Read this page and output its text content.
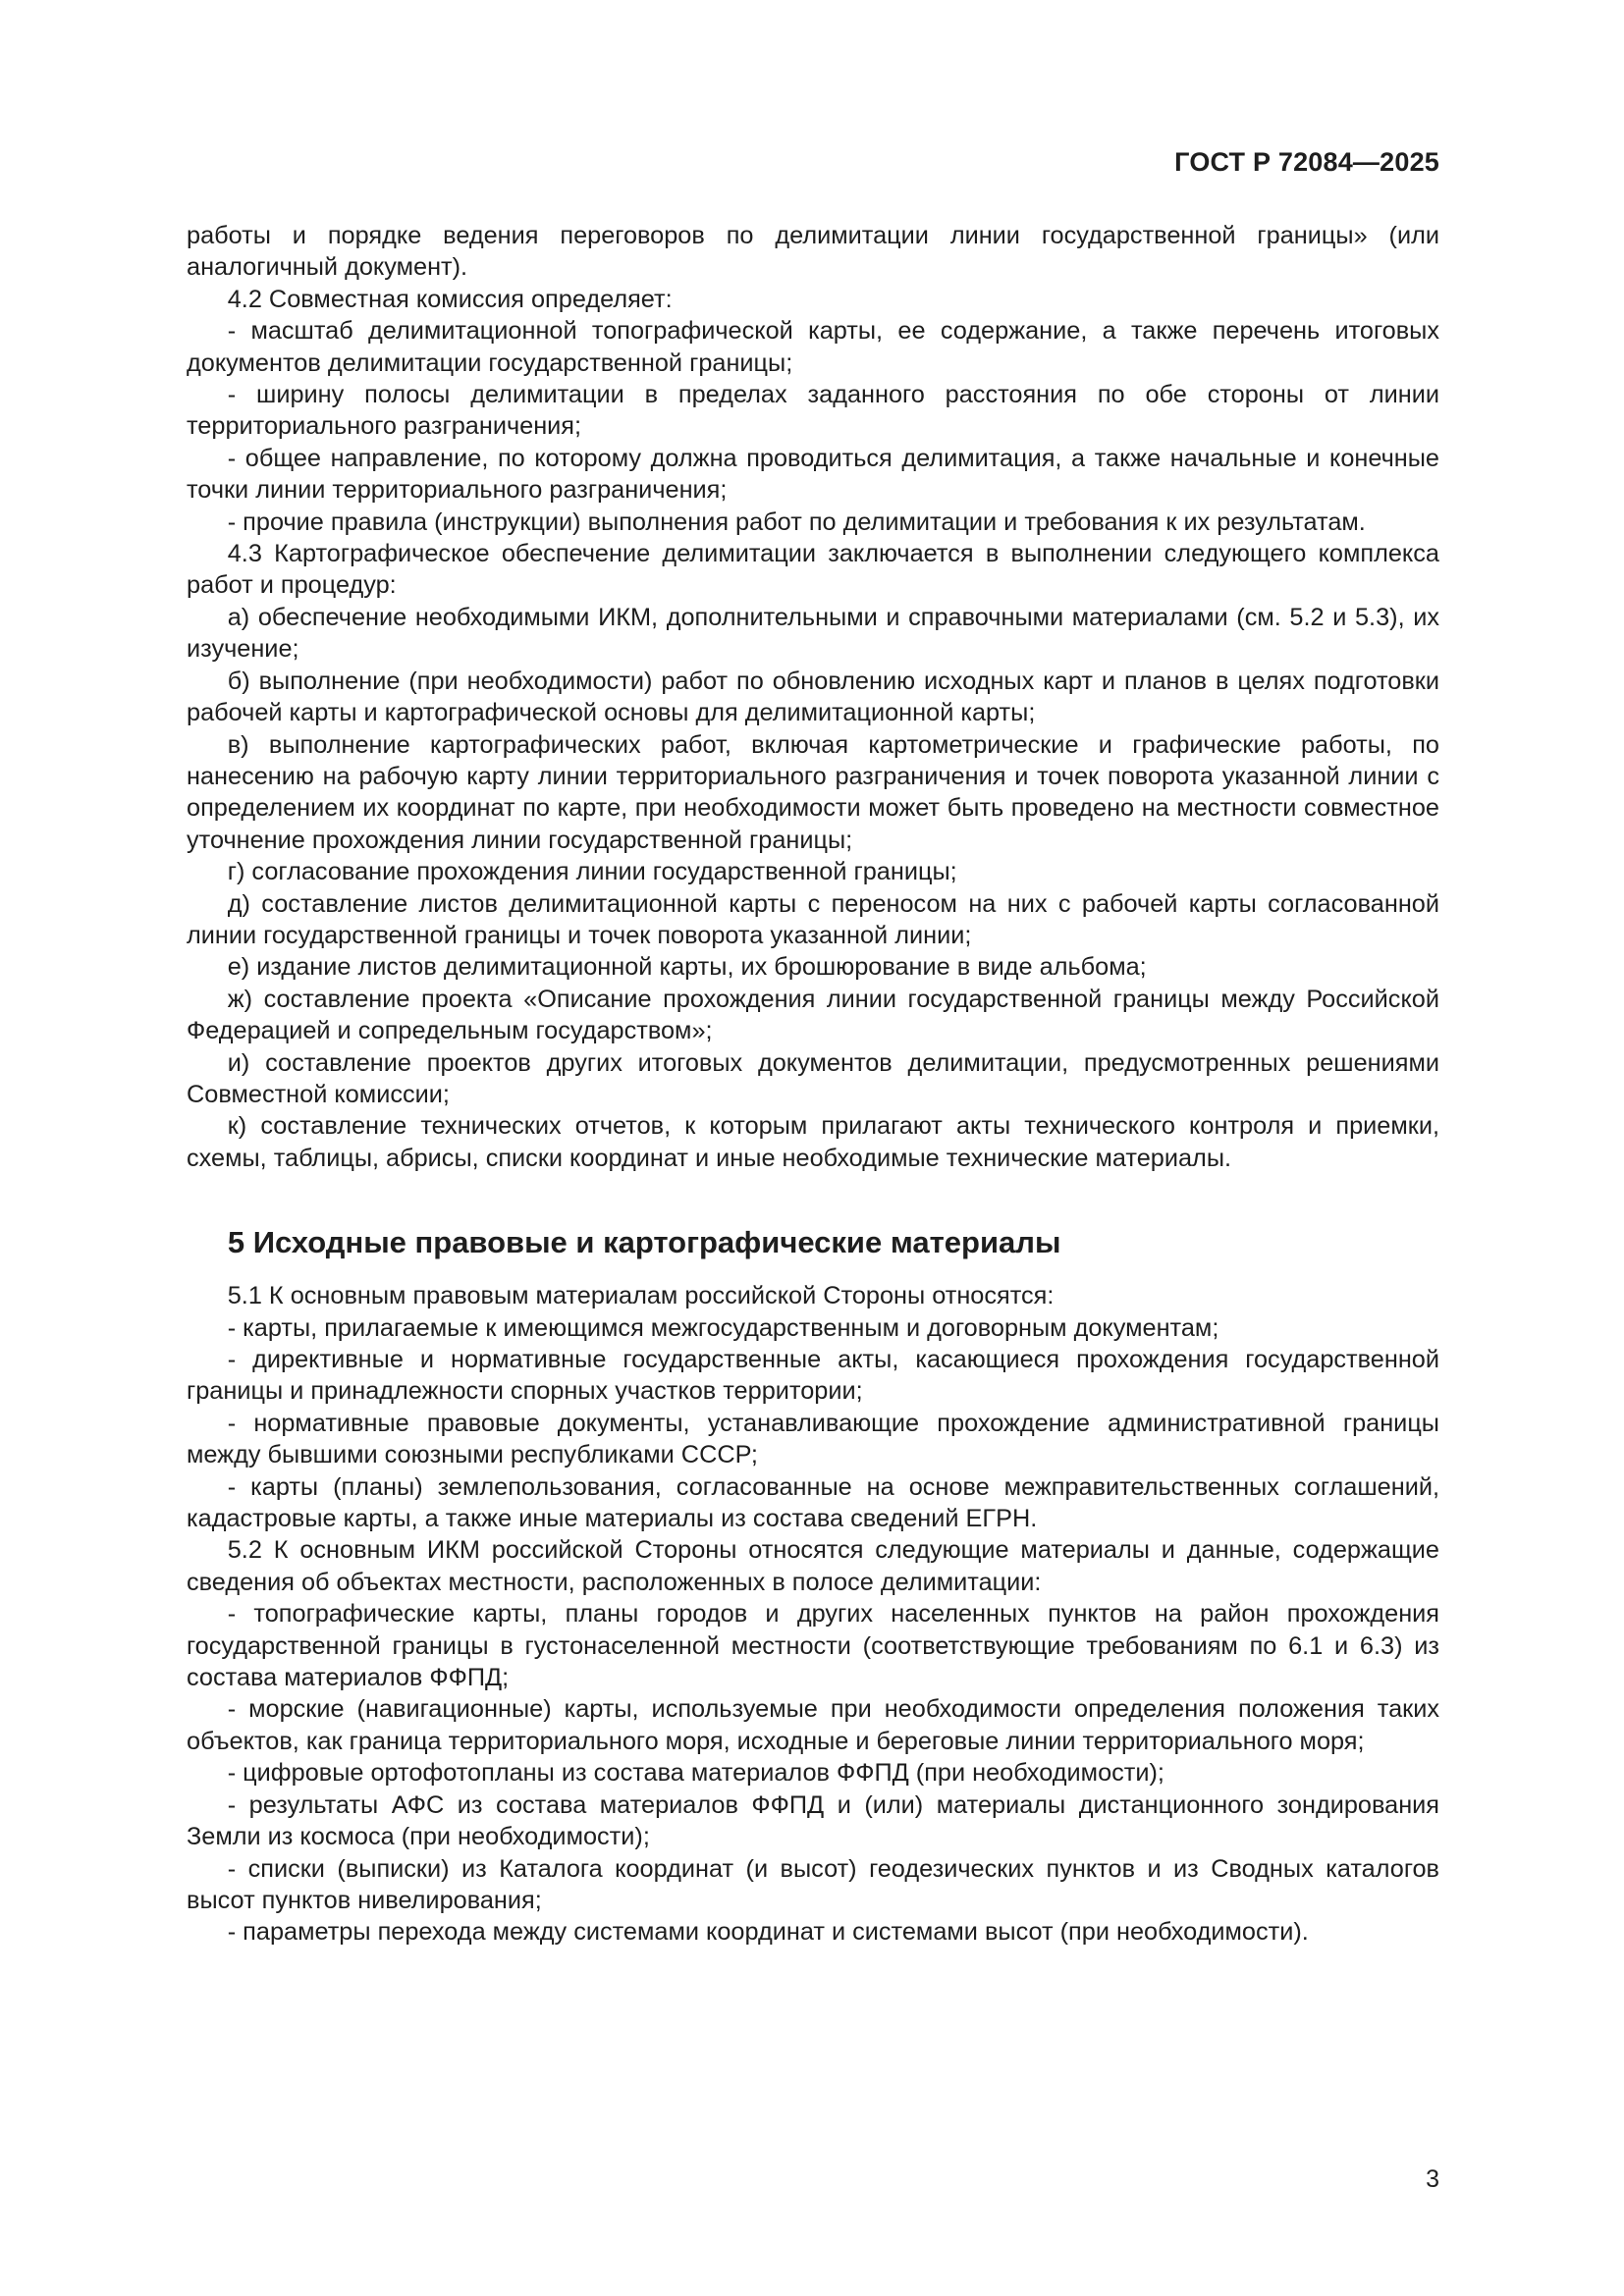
ГОСТ Р 72084—2025

работы и порядке ведения переговоров по делимитации линии государственной границы» (или аналогичный документ).

4.2 Совместная комиссия определяет:

- масштаб делимитационной топографической карты, ее содержание, а также перечень итоговых документов делимитации государственной границы;

- ширину полосы делимитации в пределах заданного расстояния по обе стороны от линии территориального разграничения;

- общее направление, по которому должна проводиться делимитация, а также начальные и конечные точки линии территориального разграничения;

- прочие правила (инструкции) выполнения работ по делимитации и требования к их результатам.

4.3 Картографическое обеспечение делимитации заключается в выполнении следующего комплекса работ и процедур:

а) обеспечение необходимыми ИКМ, дополнительными и справочными материалами (см. 5.2 и 5.3), их изучение;

б) выполнение (при необходимости) работ по обновлению исходных карт и планов в целях подготовки рабочей карты и картографической основы для делимитационной карты;

в) выполнение картографических работ, включая картометрические и графические работы, по нанесению на рабочую карту линии территориального разграничения и точек поворота указанной линии с определением их координат по карте, при необходимости может быть проведено на местности совместное уточнение прохождения линии государственной границы;

г) согласование прохождения линии государственной границы;

д) составление листов делимитационной карты с переносом на них с рабочей карты согласованной линии государственной границы и точек поворота указанной линии;

е) издание листов делимитационной карты, их брошюрование в виде альбома;

ж) составление проекта «Описание прохождения линии государственной границы между Российской Федерацией и сопредельным государством»;

и) составление проектов других итоговых документов делимитации, предусмотренных решениями Совместной комиссии;

к) составление технических отчетов, к которым прилагают акты технического контроля и приемки, схемы, таблицы, абрисы, списки координат и иные необходимые технические материалы.

5 Исходные правовые и картографические материалы

5.1 К основным правовым материалам российской Стороны относятся:

- карты, прилагаемые к имеющимся межгосударственным и договорным документам;

- директивные и нормативные государственные акты, касающиеся прохождения государственной границы и принадлежности спорных участков территории;

- нормативные правовые документы, устанавливающие прохождение административной границы между бывшими союзными республиками СССР;

- карты (планы) землепользования, согласованные на основе межправительственных соглашений, кадастровые карты, а также иные материалы из состава сведений ЕГРН.

5.2 К основным ИКМ российской Стороны относятся следующие материалы и данные, содержащие сведения об объектах местности, расположенных в полосе делимитации:

- топографические карты, планы городов и других населенных пунктов на район прохождения государственной границы в густонаселенной местности (соответствующие требованиям по 6.1 и 6.3) из состава материалов ФФПД;

- морские (навигационные) карты, используемые при необходимости определения положения таких объектов, как граница территориального моря, исходные и береговые линии территориального моря;

- цифровые ортофотопланы из состава материалов ФФПД (при необходимости);

- результаты АФС из состава материалов ФФПД и (или) материалы дистанционного зондирования Земли из космоса (при необходимости);

- списки (выписки) из Каталога координат (и высот) геодезических пунктов и из Сводных каталогов высот пунктов нивелирования;

- параметры перехода между системами координат и системами высот (при необходимости).

3
